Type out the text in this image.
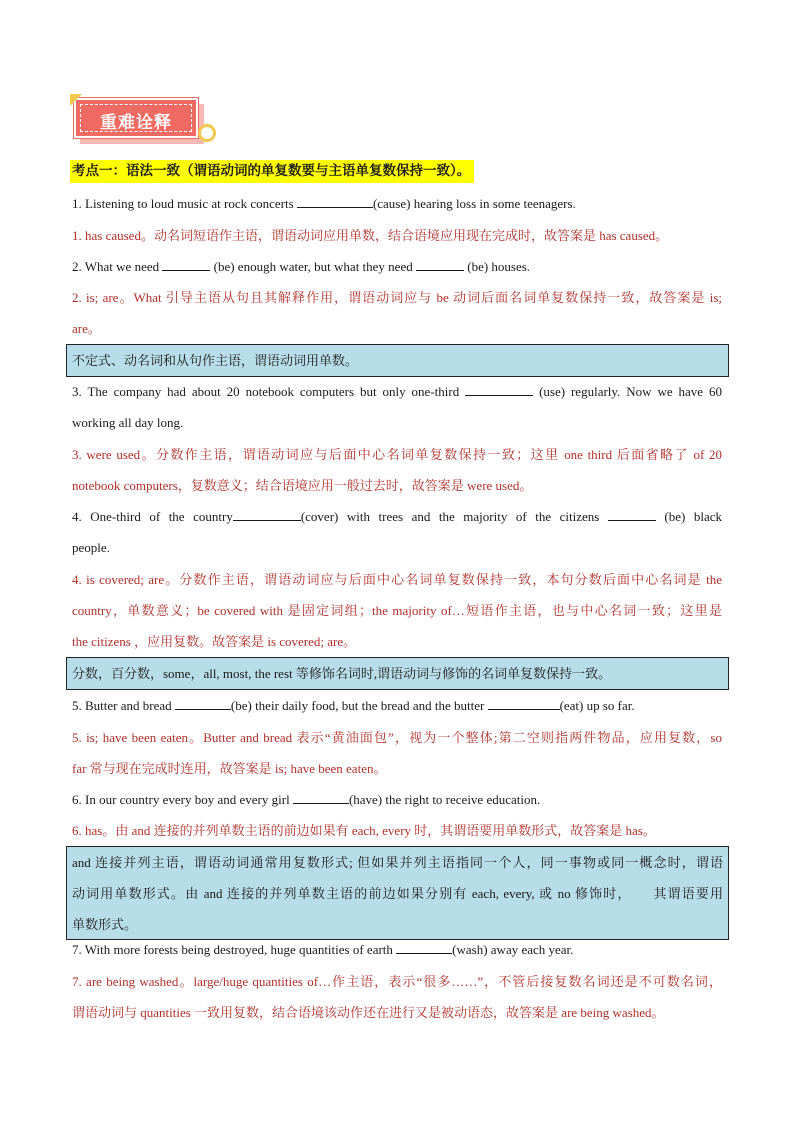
重难诠释
考点一：语法一致（谓语动词的单复数要与主语单复数保持一致）。
1. Listening to loud music at rock concerts	(cause) hearing loss in some teenagers.
1. has caused。动名词短语作主语，谓语动词应用单数，结合语境应用现在完成时，故答案是 has caused。
2. What we need	(be) enough water, but what they need	(be) houses.
2. is; are。What 引导主语从句且其解释作用，谓语动词应与 be 动词后面名词单复数保持一致，故答案是 is;
are。
不定式、动名词和从句作主语，谓语动词用单数。
3. The company had about 20 notebook computers but only one-third	(use) regularly. Now we have 60
working all day long.
3. were used。分数作主语，谓语动词应与后面中心名词单复数保持一致；这里 one third 后面省略了 of 20
notebook computers，复数意义；结合语境应用一般过去时，故答案是 were used。
4. One-third of the country	(cover) with trees and the majority of the citizens	(be) black
people.
4. is covered; are。分数作主语，谓语动词应与后面中心名词单复数保持一致，本句分数后面中心名词是 the
country，单数意义；be covered with 是固定词组；the majority of…短语作主语，也与中心名词一致；这里是
the citizens ，应用复数。故答案是 is covered; are。
分数，百分数，some，all, most, the rest 等修饰名词时,谓语动词与修饰的名词单复数保持一致。
5. Butter and bread	(be) their daily food, but the bread and the butter	(eat) up so far.
5. is; have been eaten。Butter and bread 表示“黄油面包”，视为一个整体;第二空则指两件物品，应用复数，so
far 常与现在完成时连用，故答案是 is; have been eaten。
6. In our country every boy and every girl	(have) the right to receive education.
6. has。由 and 连接的并列单数主语的前边如果有 each, every 时，其谓语要用单数形式，故答案是 has。
and 连接并列主语，谓语动词通常用复数形式; 但如果并列主语指同一个人，同一事物或同一概念时，谓语
动词用单数形式。由 and 连接的并列单数主语的前边如果分别有 each, every, 或 no 修饰时，　　其谓语要用
单数形式。
7. With more forests being destroyed, huge quantities of earth	(wash) away each year.
7. are being washed。large/huge quantities of…作主语，表示“很多……”，不管后接复数名词还是不可数名词，
谓语动词与 quantities 一致用复数，结合语境该动作还在进行又是被动语态，故答案是 are being washed。
